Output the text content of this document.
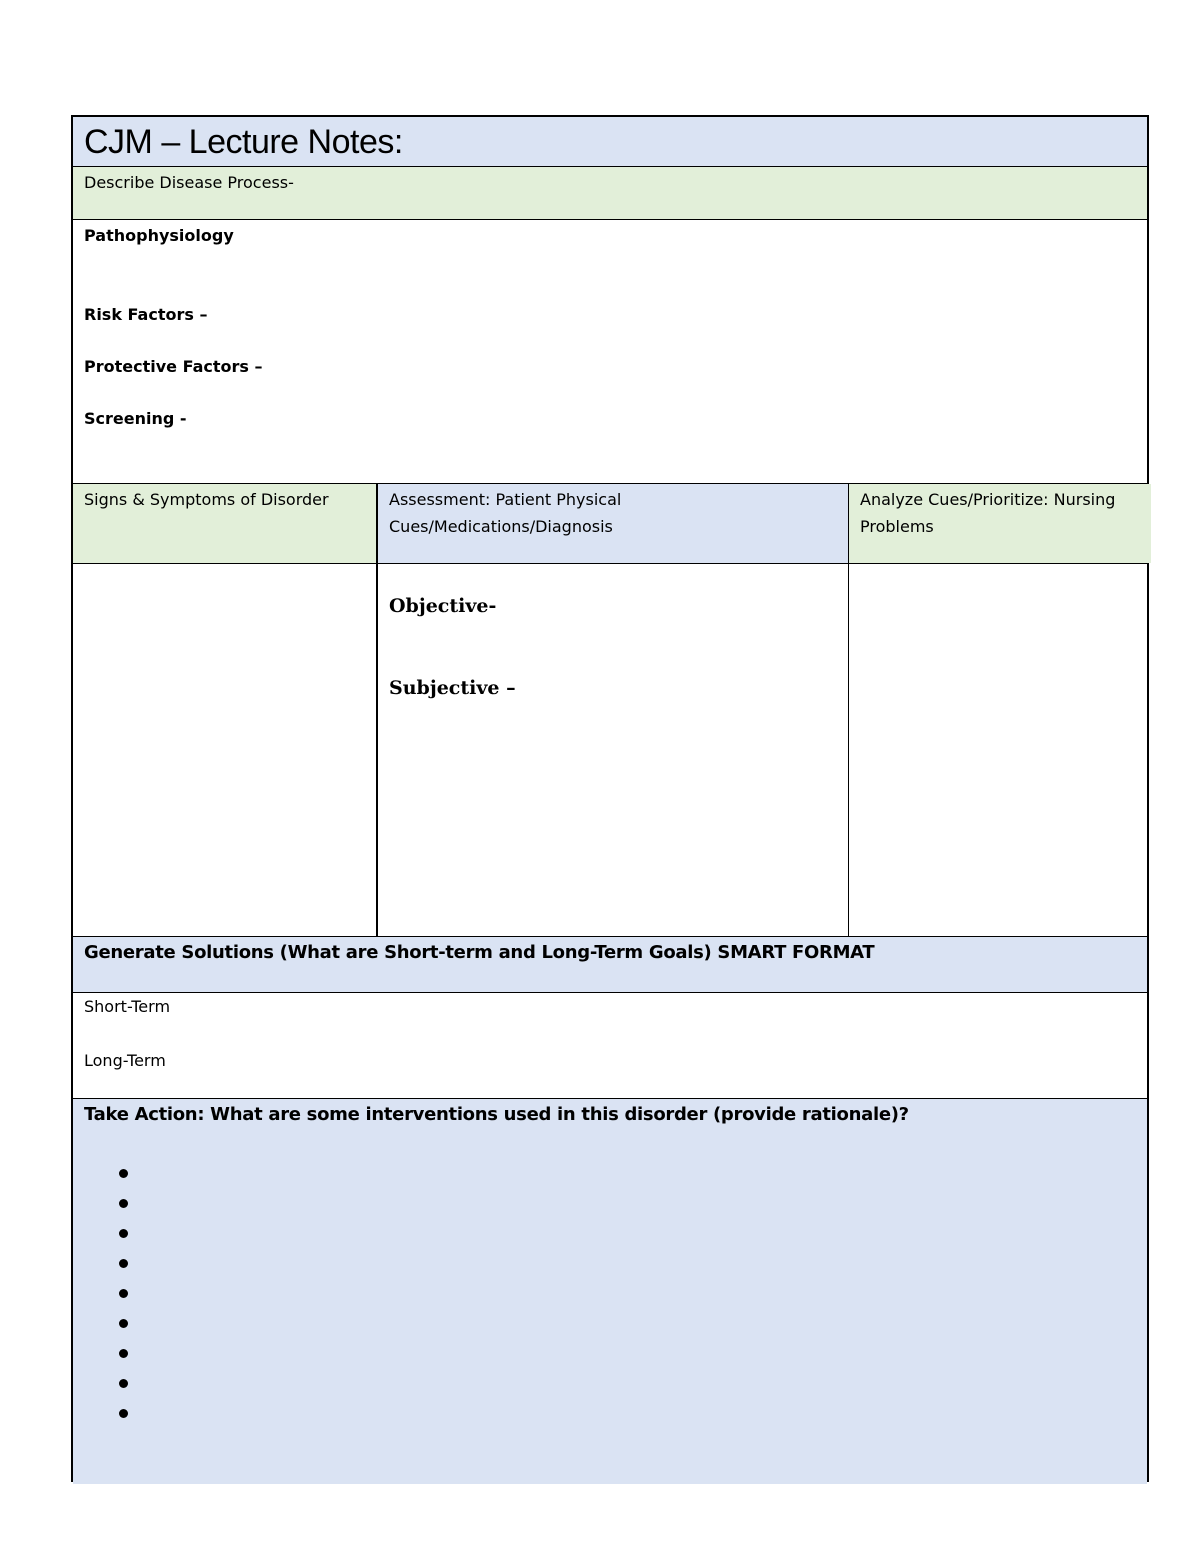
CJM – Lecture Notes:
Describe Disease Process-
Pathophysiology
Risk Factors –
Protective Factors –
Screening -
Signs & Symptoms of Disorder	Assessment: Patient Physical Cues/Medications/Diagnosis
Analyze Cues/Prioritize: Nursing Problems
Objective-
Subjective –
Generate Solutions (What are Short-term and Long-Term Goals) SMART FORMAT
Short-Term
Long-Term
Take Action: What are some interventions used in this disorder (provide rationale)?
